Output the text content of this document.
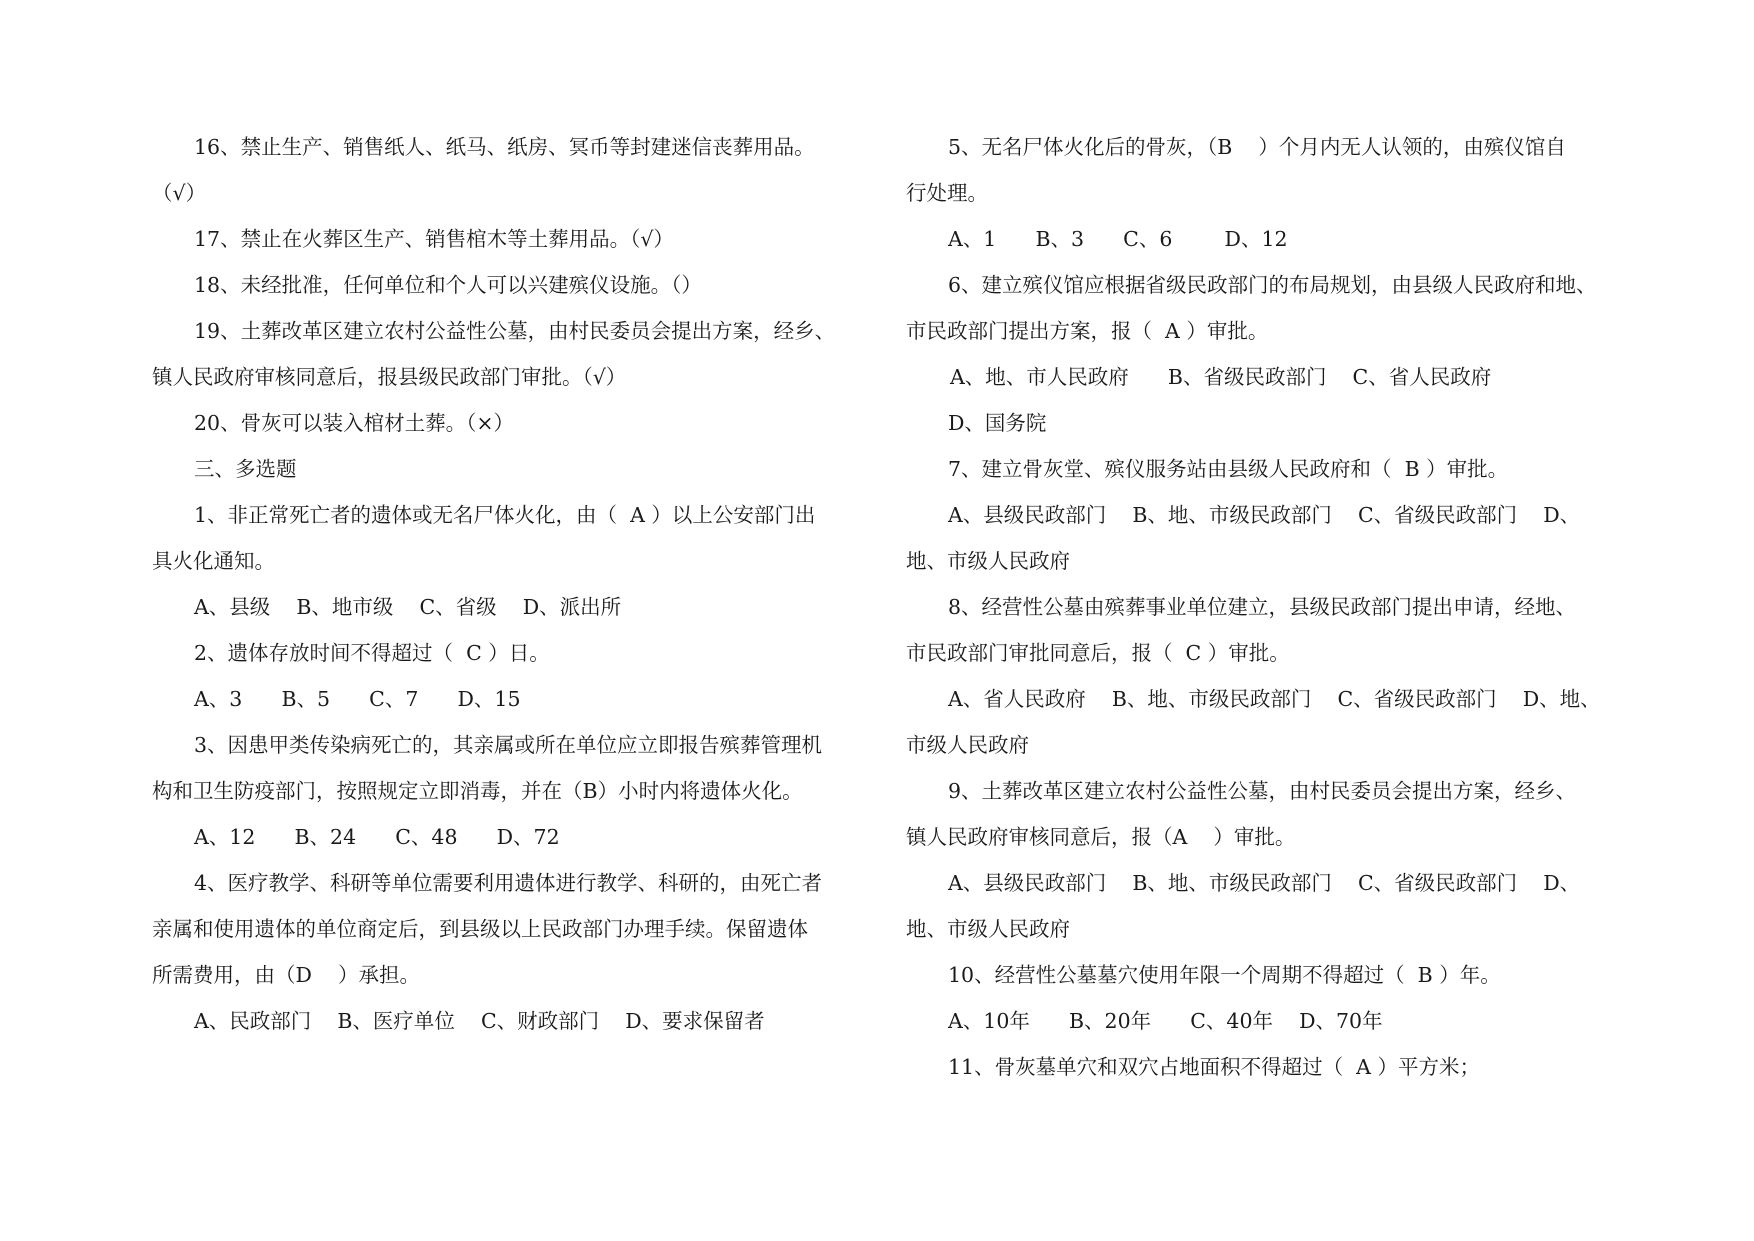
16、禁止生产、销售纸人、纸马、纸房、冥币等封建迷信丧葬用品。
（√）
17、禁止在火葬区生产、销售棺木等土葬用品。（√）
18、未经批准，任何单位和个人可以兴建殡仪设施。（）
19、土葬改革区建立农村公益性公墓，由村民委员会提出方案，经乡、
镇人民政府审核同意后，报县级民政部门审批。（√）
20、骨灰可以装入棺材土葬。（×）
三、多选题
1、非正常死亡者的遗体或无名尸体火化，由（  A ）以上公安部门出
具火化通知。
A、县级    B、地市级    C、省级    D、派出所
2、遗体存放时间不得超过（  C ）日。
A、3      B、5      C、7      D、15
3、因患甲类传染病死亡的，其亲属或所在单位应立即报告殡葬管理机
构和卫生防疫部门，按照规定立即消毒，并在（B）小时内将遗体火化。
A、12      B、24      C、48      D、72
4、医疗教学、科研等单位需要利用遗体进行教学、科研的，由死亡者
亲属和使用遗体的单位商定后，到县级以上民政部门办理手续。保留遗体
所需费用，由（D    ）承担。
A、民政部门    B、医疗单位    C、财政部门    D、要求保留者
5、无名尸体火化后的骨灰，（B    ）个月内无人认领的，由殡仪馆自
行处理。
A、1      B、3      C、6        D、12
6、建立殡仪馆应根据省级民政部门的布局规划，由县级人民政府和地、
市民政部门提出方案，报（  A ）审批。
A、地、市人民政府      B、省级民政部门    C、省人民政府
D、国务院
7、建立骨灰堂、殡仪服务站由县级人民政府和（  B ）审批。
A、县级民政部门    B、地、市级民政部门    C、省级民政部门    D、
地、市级人民政府
8、经营性公墓由殡葬事业单位建立，县级民政部门提出申请，经地、
市民政部门审批同意后，报（  C ）审批。
A、省人民政府    B、地、市级民政部门    C、省级民政部门    D、地、
市级人民政府
9、土葬改革区建立农村公益性公墓，由村民委员会提出方案，经乡、
镇人民政府审核同意后，报（A    ）审批。
A、县级民政部门    B、地、市级民政部门    C、省级民政部门    D、
地、市级人民政府
10、经营性公墓墓穴使用年限一个周期不得超过（  B ）年。
A、10年      B、20年      C、40年    D、70年
11、骨灰墓单穴和双穴占地面积不得超过（  A ）平方米；
